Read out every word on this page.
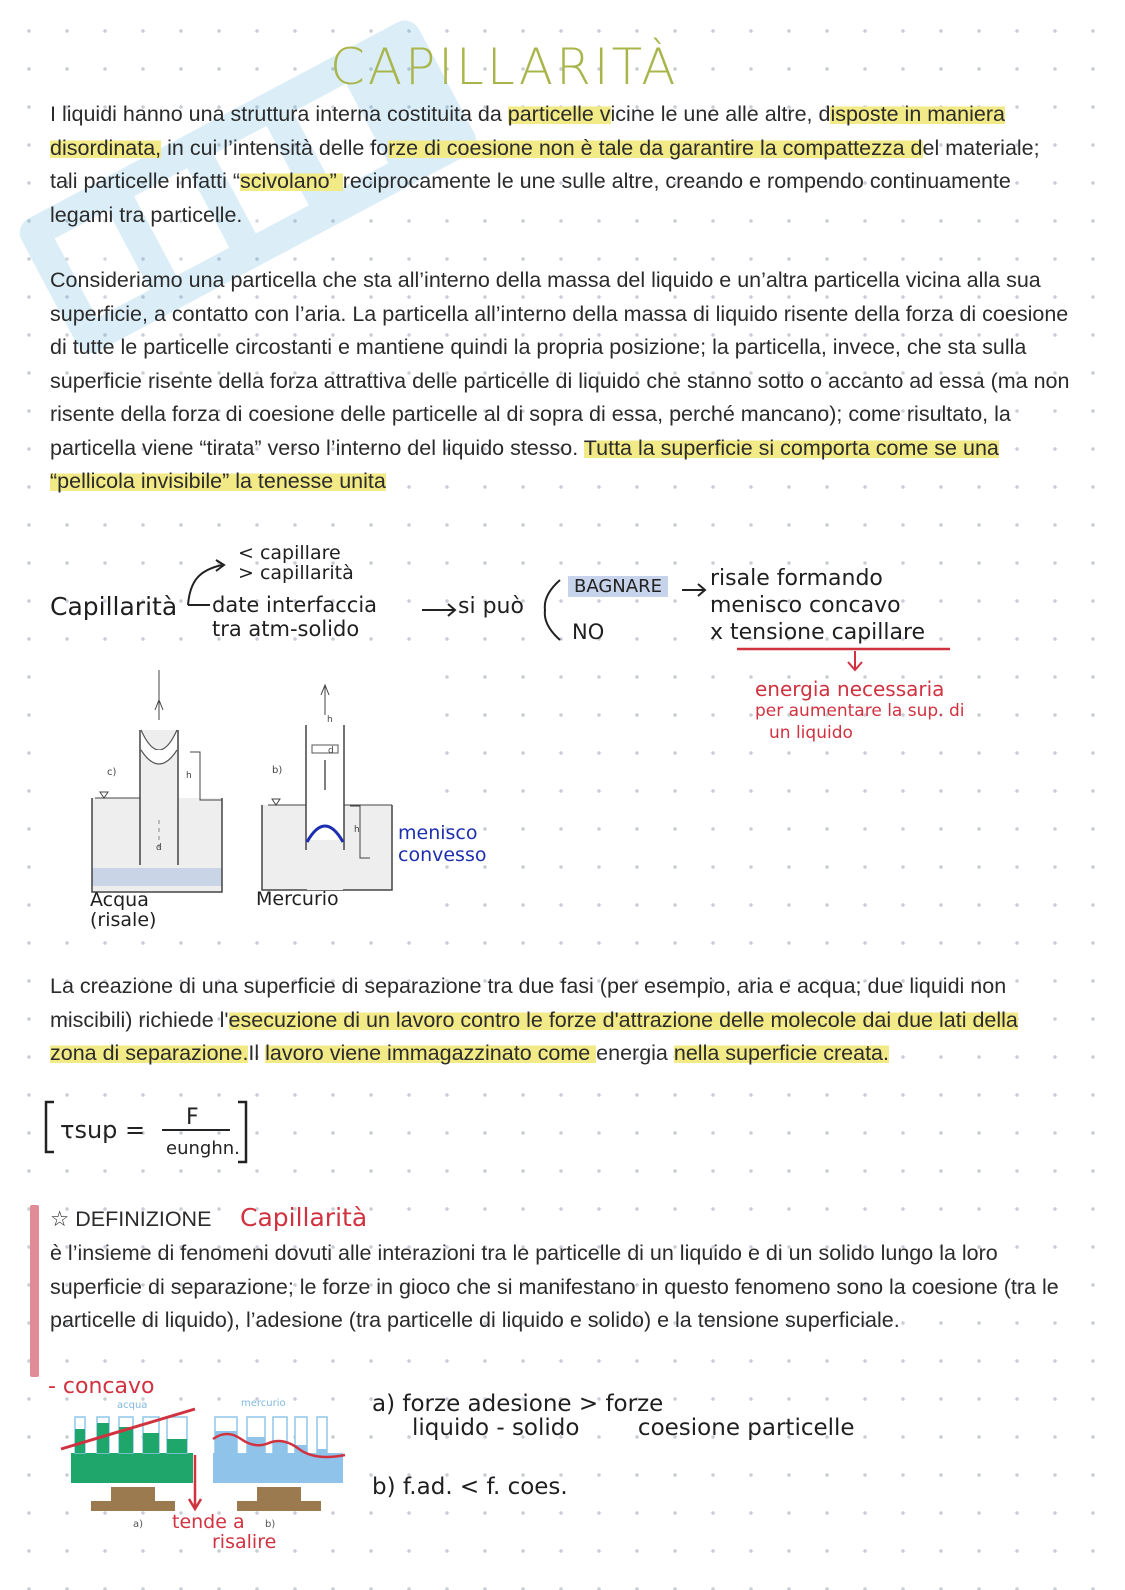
CAPILLARITÀ

I liquidi hanno una struttura interna costituita da particelle vicine le une alle altre, disposte in maniera disordinata, in cui l’intensità delle forze di coesione non è tale da garantire la compattezza del materiale; tali particelle infatti “scivolano” reciprocamente le une sulle altre, creando e rompendo continuamente legami tra particelle.

Consideriamo una particella che sta all’interno della massa del liquido e un’altra particella vicina alla sua superficie, a contatto con l’aria. La particella all’interno della massa di liquido risente della forza di coesione di tutte le particelle circostanti e mantiene quindi la propria posizione; la particella, invece, che sta sulla superficie risente della forza attrattiva delle particelle di liquido che stanno sotto o accanto ad essa (ma non risente della forza di coesione delle particelle al di sopra di essa, perché mancano); come risultato, la particella viene “tirata” verso l’interno del liquido stesso. Tutta la superficie si comporta come se una “pellicola invisibile” la tenesse unita

Capillarità
< capillare
> capillarità
date interfaccia
tra atm-solido
si può
BAGNARE
NO
risale formando
menisco concavo
x tensione capillare
energia necessaria
per aumentare la sup. di
un liquido
c)	h
d
b)
h
d
h
Acqua
(risale)
Mercurio
menisco
convesso

La creazione di una superficie di separazione tra due fasi (per esempio, aria e acqua; due liquidi non miscibili) richiede l'esecuzione di un lavoro contro le forze d'attrazione delle molecole dai due lati della zona di separazione.Il lavoro viene immagazzinato come energia nella superficie creata.

τsup = F
eunghn.
☆ DEFINIZIONE Capillarità

è l’insieme di fenomeni dovuti alle interazioni tra le particelle di un liquido e di un solido lungo la loro superficie di separazione; le forze in gioco che si manifestano in questo fenomeno sono la coesione (tra le particelle di liquido), l’adesione (tra particelle di liquido e solido) e la tensione superficiale.

- concavo
acqua	mercurio
a)	b)
tende a
risalire
a) forze adesione > forze
liquido - solido        coesione particelle
b) f.ad. < f. coes.
